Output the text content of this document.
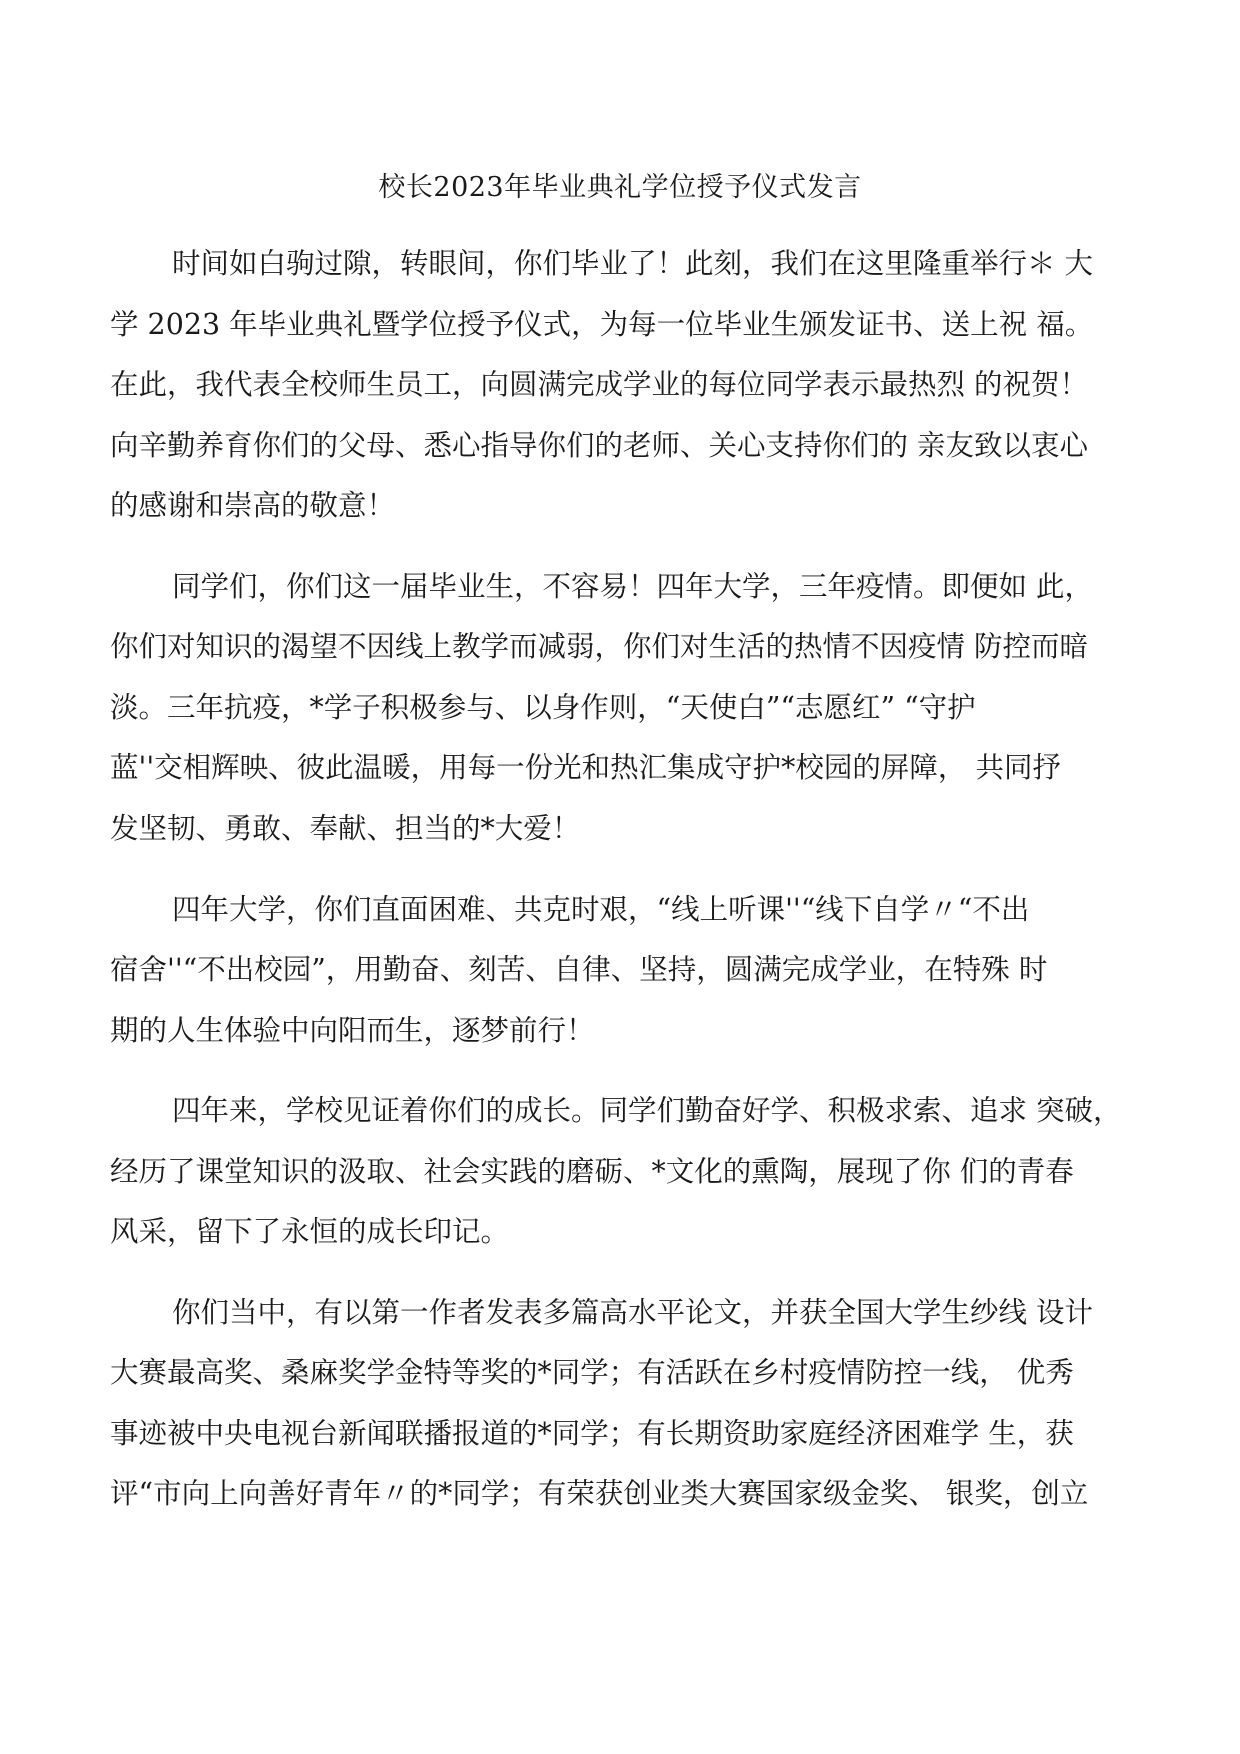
校长2023年毕业典礼学位授予仪式发言

时间如白驹过隙，转眼间，你们毕业了！此刻，我们在这里隆重举行＊ 大

学 2023 年毕业典礼暨学位授予仪式，为每一位毕业生颁发证书、送上祝 福。

在此，我代表全校师生员工，向圆满完成学业的每位同学表示最热烈 的祝贺！

向辛勤养育你们的父母、悉心指导你们的老师、关心支持你们的 亲友致以衷心

的感谢和崇高的敬意！

同学们，你们这一届毕业生，不容易！四年大学，三年疫情。即便如 此，

你们对知识的渴望不因线上教学而减弱，你们对生活的热情不因疫情 防控而暗

淡。三年抗疫，*学子积极参与、以身作则，“天使白”“志愿红” “守护

蓝''交相辉映、彼此温暖，用每一份光和热汇集成守护*校园的屏障， 共同抒

发坚韧、勇敢、奉献、担当的*大爱！

四年大学，你们直面困难、共克时艰，“线上听课''“线下自学〃“不出

宿舍''“不出校园”，用勤奋、刻苦、自律、坚持，圆满完成学业，在特殊 时

期的人生体验中向阳而生，逐梦前行！

四年来，学校见证着你们的成长。同学们勤奋好学、积极求索、追求 突破，

经历了课堂知识的汲取、社会实践的磨砺、*文化的熏陶，展现了你 们的青春

风采，留下了永恒的成长印记。

你们当中，有以第一作者发表多篇高水平论文，并获全国大学生纱线 设计

大赛最高奖、桑麻奖学金特等奖的*同学；有活跃在乡村疫情防控一线， 优秀

事迹被中央电视台新闻联播报道的*同学；有长期资助家庭经济困难学 生，获

评“市向上向善好青年〃的*同学；有荣获创业类大赛国家级金奖、 银奖，创立
